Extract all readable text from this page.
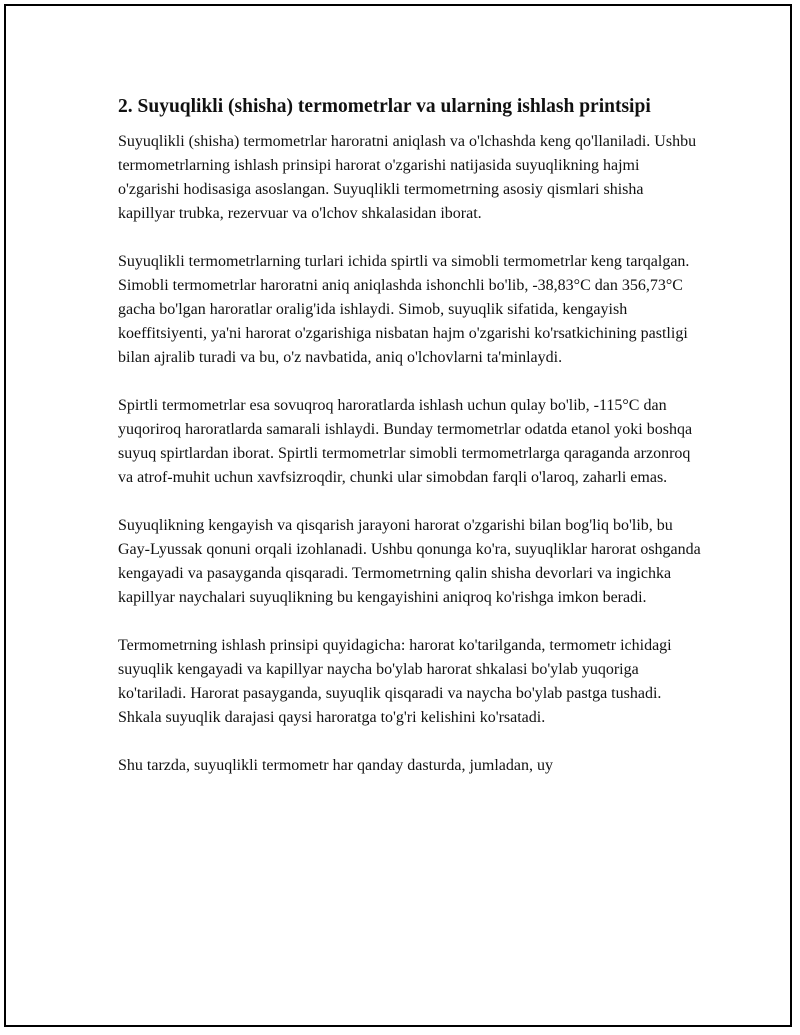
2. Suyuqlikli (shisha) termometrlar va ularning ishlash printsipi

Suyuqlikli (shisha) termometrlar haroratni aniqlash va o'lchashda keng qo'llaniladi. Ushbu termometrlarning ishlash prinsipi harorat o'zgarishi natijasida suyuqlikning hajmi o'zgarishi hodisasiga asoslangan. Suyuqlikli termometrning asosiy qismlari shisha kapillyar trubka, rezervuar va o'lchov shkalasidan iborat.

Suyuqlikli termometrlarning turlari ichida spirtli va simobli termometrlar keng tarqalgan. Simobli termometrlar haroratni aniq aniqlashda ishonchli bo'lib, -38,83°C dan 356,73°C gacha bo'lgan haroratlar oralig'ida ishlaydi. Simob, suyuqlik sifatida, kengayish koeffitsiyenti, ya'ni harorat o'zgarishiga nisbatan hajm o'zgarishi ko'rsatkichining pastligi bilan ajralib turadi va bu, o'z navbatida, aniq o'lchovlarni ta'minlaydi.

Spirtli termometrlar esa sovuqroq haroratlarda ishlash uchun qulay bo'lib, -115°C dan yuqoriroq haroratlarda samarali ishlaydi. Bunday termometrlar odatda etanol yoki boshqa suyuq spirtlardan iborat. Spirtli termometrlar simobli termometrlarga qaraganda arzonroq va atrof-muhit uchun xavfsizroqdir, chunki ular simobdan farqli o'laroq, zaharli emas.

Suyuqlikning kengayish va qisqarish jarayoni harorat o'zgarishi bilan bog'liq bo'lib, bu Gay-Lyussak qonuni orqali izohlanadi. Ushbu qonunga ko'ra, suyuqliklar harorat oshganda kengayadi va pasayganda qisqaradi. Termometrning qalin shisha devorlari va ingichka kapillyar naychalari suyuqlikning bu kengayishini aniqroq ko'rishga imkon beradi.

Termometrning ishlash prinsipi quyidagicha: harorat ko'tarilganda, termometr ichidagi suyuqlik kengayadi va kapillyar naycha bo'ylab harorat shkalasi bo'ylab yuqoriga ko'tariladi. Harorat pasayganda, suyuqlik qisqaradi va naycha bo'ylab pastga tushadi. Shkala suyuqlik darajasi qaysi haroratga to'g'ri kelishini ko'rsatadi.

Shu tarzda, suyuqlikli termometr har qanday dasturda, jumladan, uy
